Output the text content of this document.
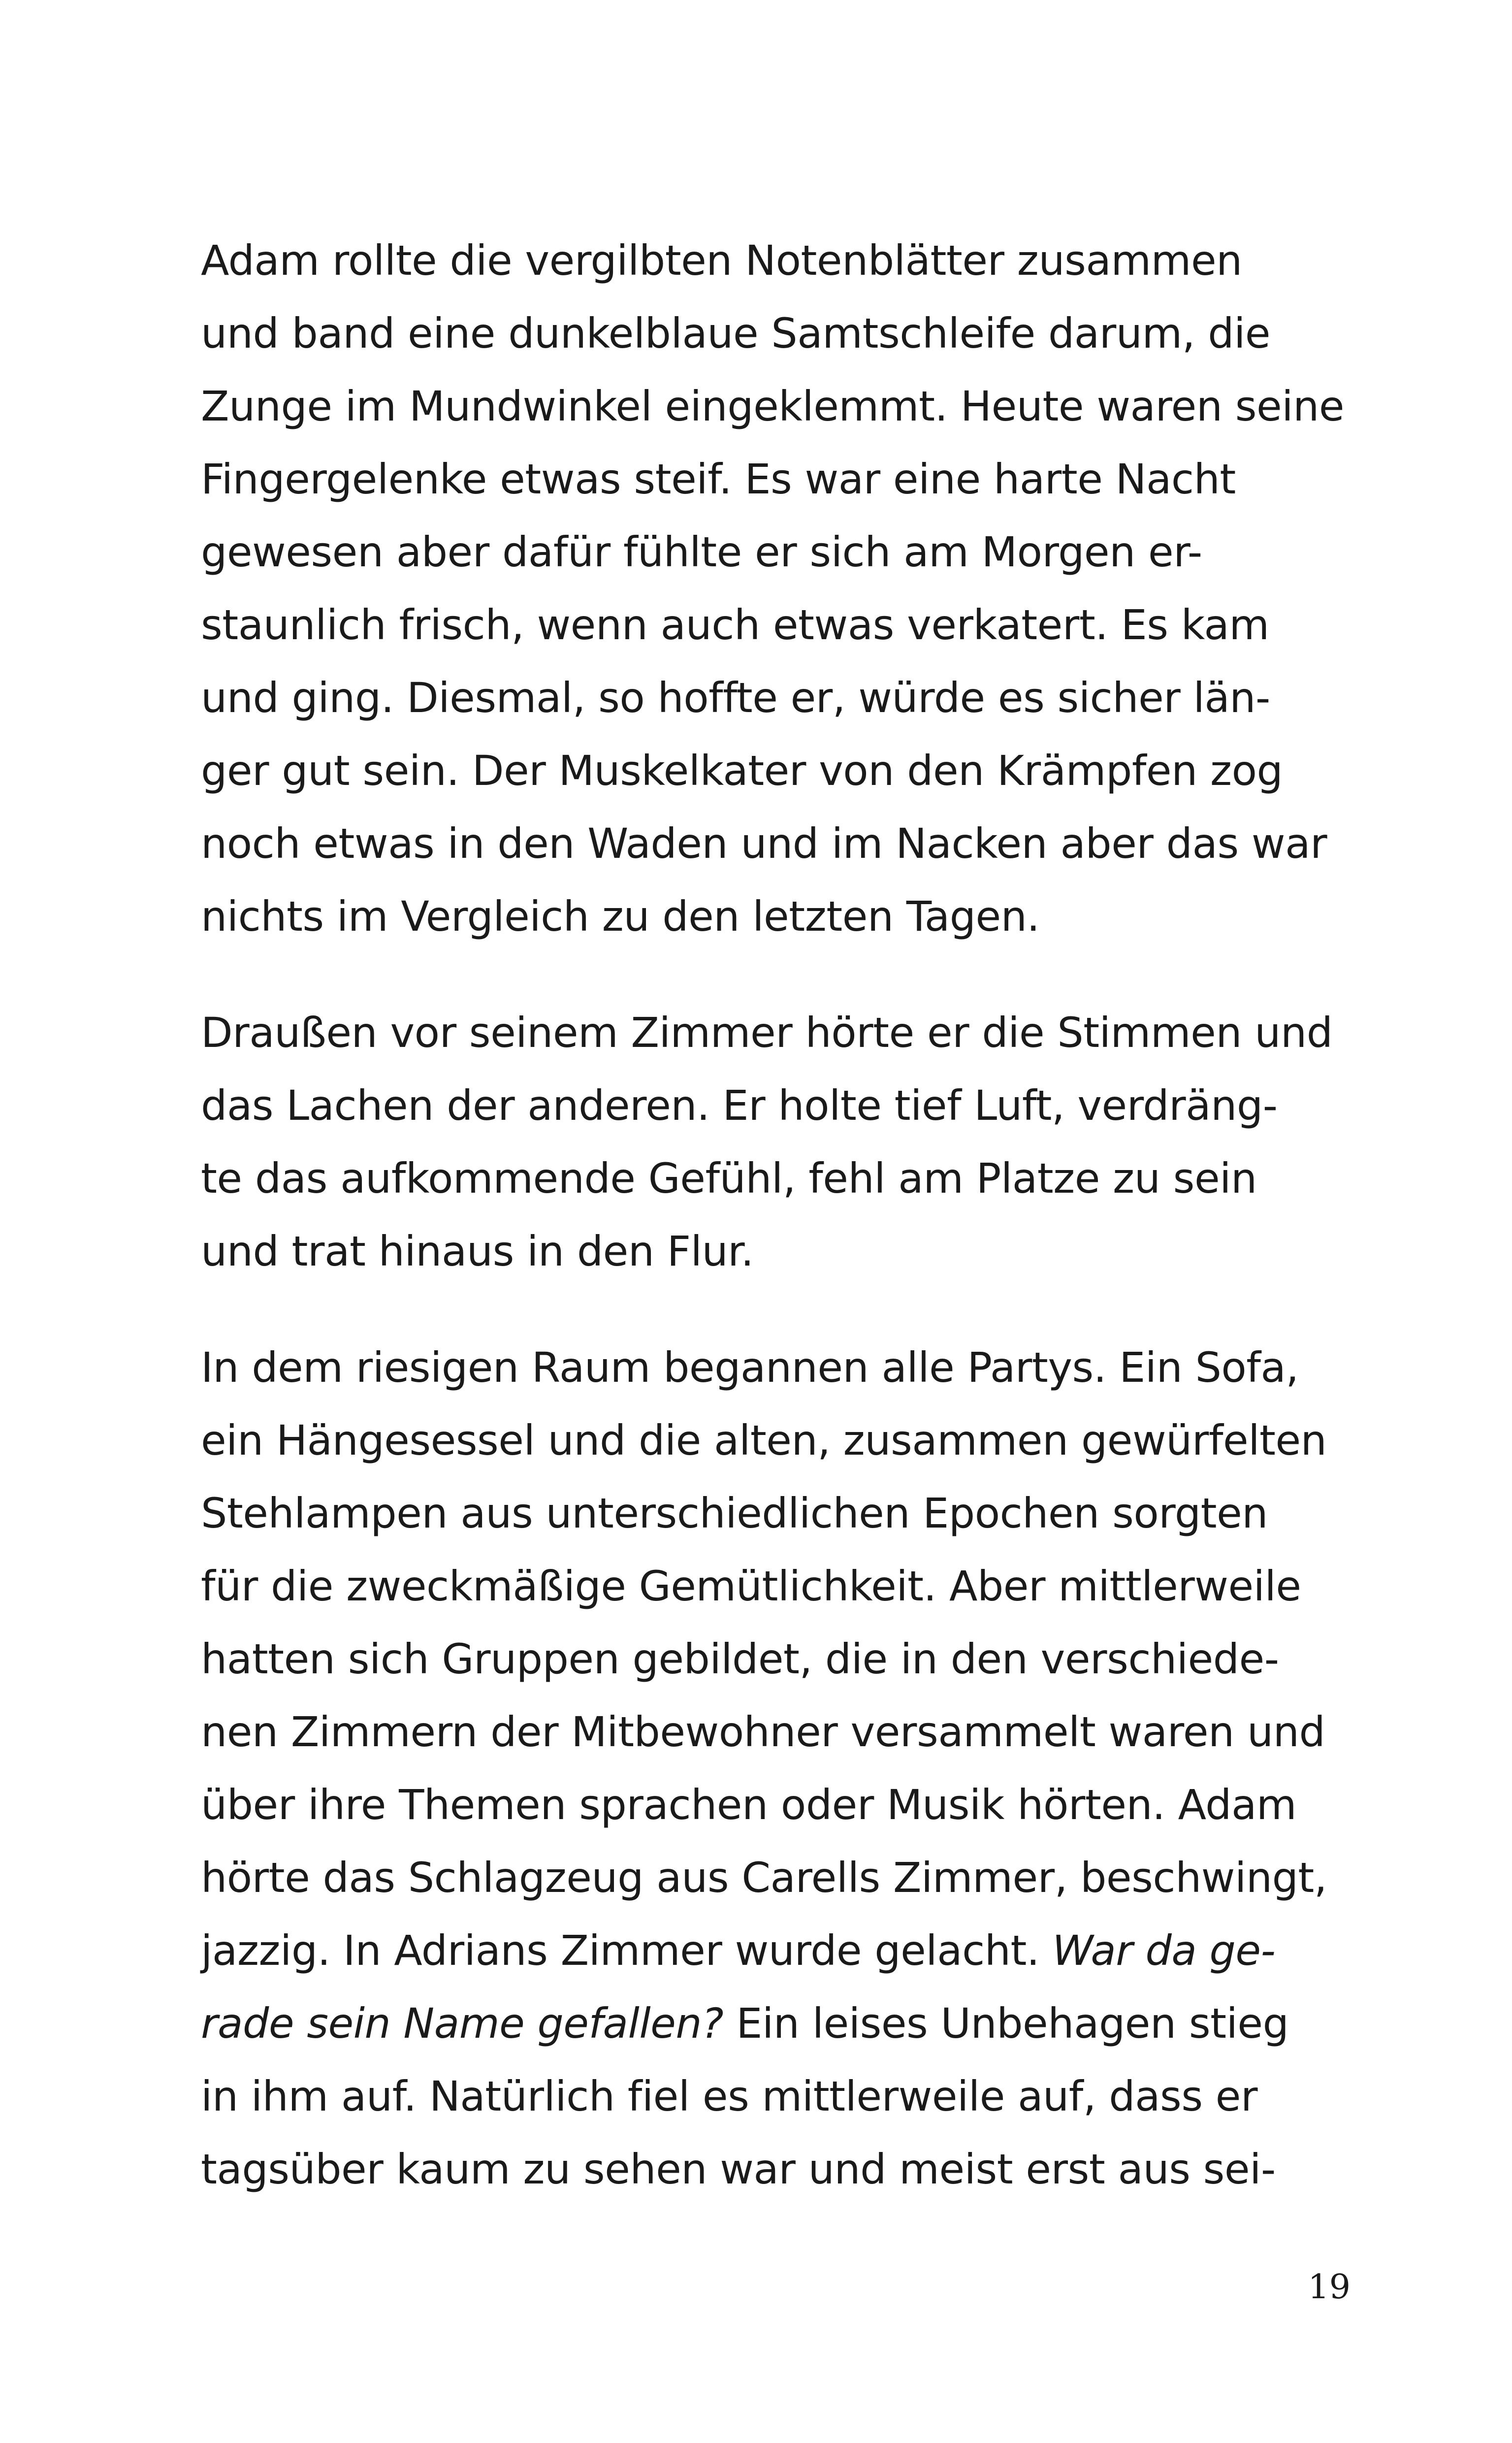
Adam rollte die vergilbten Notenblätter zusammen
und band eine dunkelblaue Samtschleife darum, die
Zunge im Mundwinkel eingeklemmt. Heute waren seine
Fingergelenke etwas steif. Es war eine harte Nacht
gewesen aber dafür fühlte er sich am Morgen er-
staunlich frisch, wenn auch etwas verkatert. Es kam
und ging. Diesmal, so hoffte er, würde es sicher län-
ger gut sein. Der Muskelkater von den Krämpfen zog
noch etwas in den Waden und im Nacken aber das war
nichts im Vergleich zu den letzten Tagen.

Draußen vor seinem Zimmer hörte er die Stimmen und
das Lachen der anderen. Er holte tief Luft, verdräng-
te das aufkommende Gefühl, fehl am Platze zu sein
und trat hinaus in den Flur.

In dem riesigen Raum begannen alle Partys. Ein Sofa,
ein Hängesessel und die alten, zusammen gewürfelten
Stehlampen aus unterschiedlichen Epochen sorgten
für die zweckmäßige Gemütlichkeit. Aber mittlerweile
hatten sich Gruppen gebildet, die in den verschiede-
nen Zimmern der Mitbewohner versammelt waren und
über ihre Themen sprachen oder Musik hörten. Adam
hörte das Schlagzeug aus Carells Zimmer, beschwingt,
jazzig. In Adrians Zimmer wurde gelacht. War da ge-
rade sein Name gefallen? Ein leises Unbehagen stieg
in ihm auf. Natürlich fiel es mittlerweile auf, dass er
tagsüber kaum zu sehen war und meist erst aus sei-

19
